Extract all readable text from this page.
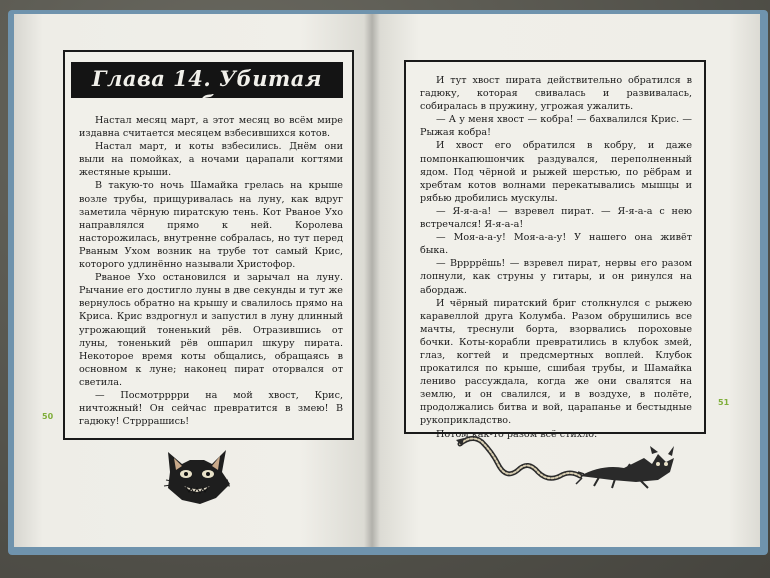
Глава 14. Убитая кобра

Настал месяц март, а этот месяц во всём мире издавна считается месяцем взбесившихся котов.

Настал март, и коты взбесились. Днём они выли на помойках, а ночами царапали когтями жестяные крыши.

В такую-то ночь Шамайка грелась на крыше возле трубы, прищуривалась на луну, как вдруг заметила чёрную пиратскую тень. Кот Рваное Ухо направлялся прямо к ней. Королева насторожилась, внутренне собралась, но тут перед Рваным Ухом возник на трубе тот самый Крис, которого удлинённо называли Христофор.

Рваное Ухо остановился и зарычал на луну. Рычание его достигло луны в две секунды и тут же вернулось обратно на крышу и свалилось прямо на Криса. Крис вздрогнул и запустил в луну длинный угрожающий тоненький рёв. Отразившись от луны, тоненький рёв ошпарил шкуру пирата. Некоторое время коты общались, обращаясь в основном к луне; наконец пират оторвался от светила.

— Посмотрррри на мой хвост, Крис, ничтожный! Он сейчас превратится в змею! В гадюку! Стрррашись!

50

И тут хвост пирата действительно обратился в гадюку, которая свивалась и развивалась, собиралась в пружину, угрожая ужалить.

— А у меня хвост — кобра! — бахвалился Крис. — Рыжая кобра!

И хвост его обратился в кобру, и даже помпонкапюшончик раздувался, переполненный ядом. Под чёрной и рыжей шерстью, по рёбрам и хребтам котов волнами перекатывались мышцы и рябью дробились мускулы.

— Я-я-а-а! — взревел пират. — Я-я-а-а с нею встречался! Я-я-а-а!

— Моя-а-а-у! Моя-а-а-у! У нашего она живёт быка.

— Вррррёшь! — взревел пират, нервы его разом лопнули, как струны у гитары, и он ринулся на абордаж.

И чёрный пиратский бриг столкнулся с рыжею каравеллой друга Колумба. Разом обрушились все мачты, треснули борта, взорвались пороховые бочки. Коты-корабли превратились в клубок змей, глаз, когтей и предсмертных воплей. Клубок прокатился по крыше, сшибая трубы, и Шамайка лениво рассуждала, когда же они свалятся на землю, и он свалился, и в воздухе, в полёте, продолжались битва и вой, царапанье и бестыдные рукоприкладство.

Потом как-то разом всё стихло.

51
